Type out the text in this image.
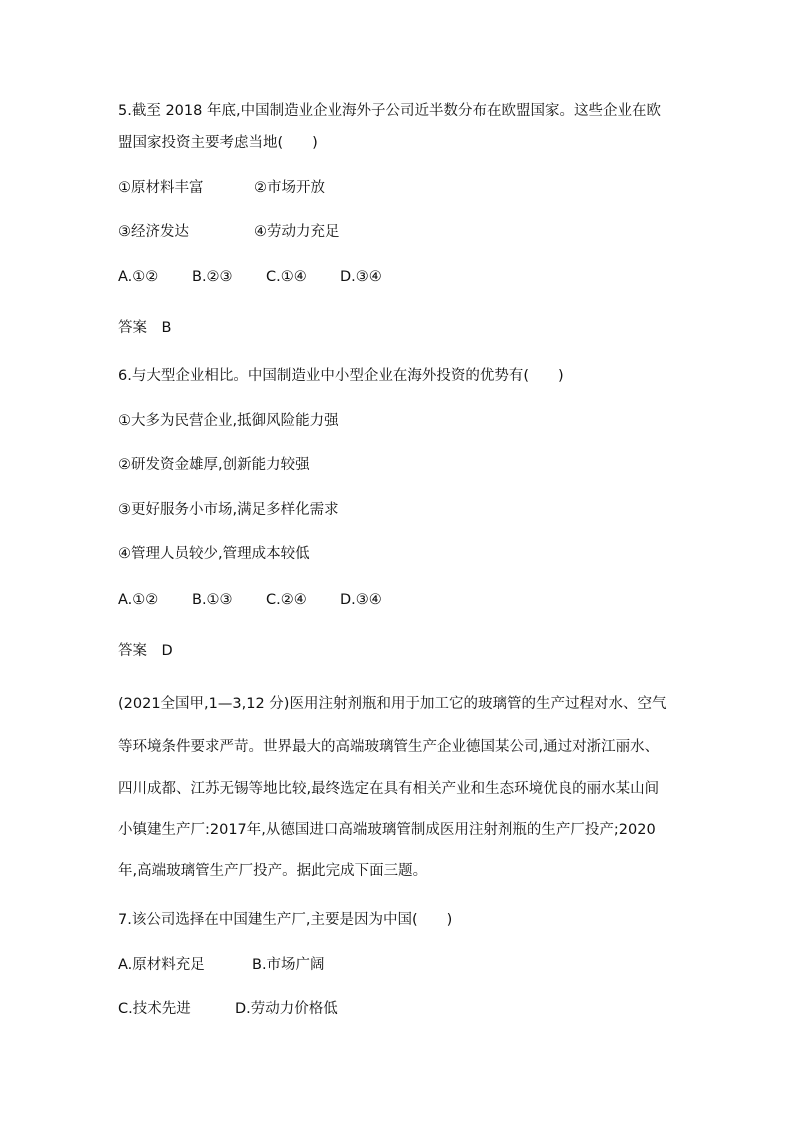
5.截至 2018 年底,中国制造业企业海外子公司近半数分布在欧盟国家。这些企业在欧
盟国家投资主要考虑当地(　　)
①原材料丰富	②市场开放
③经济发达	④劳动力充足
A.①② B.②③ C.①④ D.③④
答案　B
6.与大型企业相比。中国制造业中小型企业在海外投资的优势有(　　)
①大多为民营企业,抵御风险能力强
②研发资金雄厚,创新能力较强
③更好服务小市场,满足多样化需求
④管理人员较少,管理成本较低
A.①② B.①③ C.②④ D.③④
答案　D
(2021全国甲,1—3,12 分)医用注射剂瓶和用于加工它的玻璃管的生产过程对水、空气
等环境条件要求严苛。世界最大的高端玻璃管生产企业德国某公司,通过对浙江丽水、
四川成都、江苏无锡等地比较,最终选定在具有相关产业和生态环境优良的丽水某山间
小镇建生产厂:2017年,从德国进口高端玻璃管制成医用注射剂瓶的生产厂投产;2020
年,高端玻璃管生产厂投产。据此完成下面三题。
7.该公司选择在中国建生产厂,主要是因为中国(　　)
A.原材料充足	B.市场广阔
C.技术先进	D.劳动力价格低
